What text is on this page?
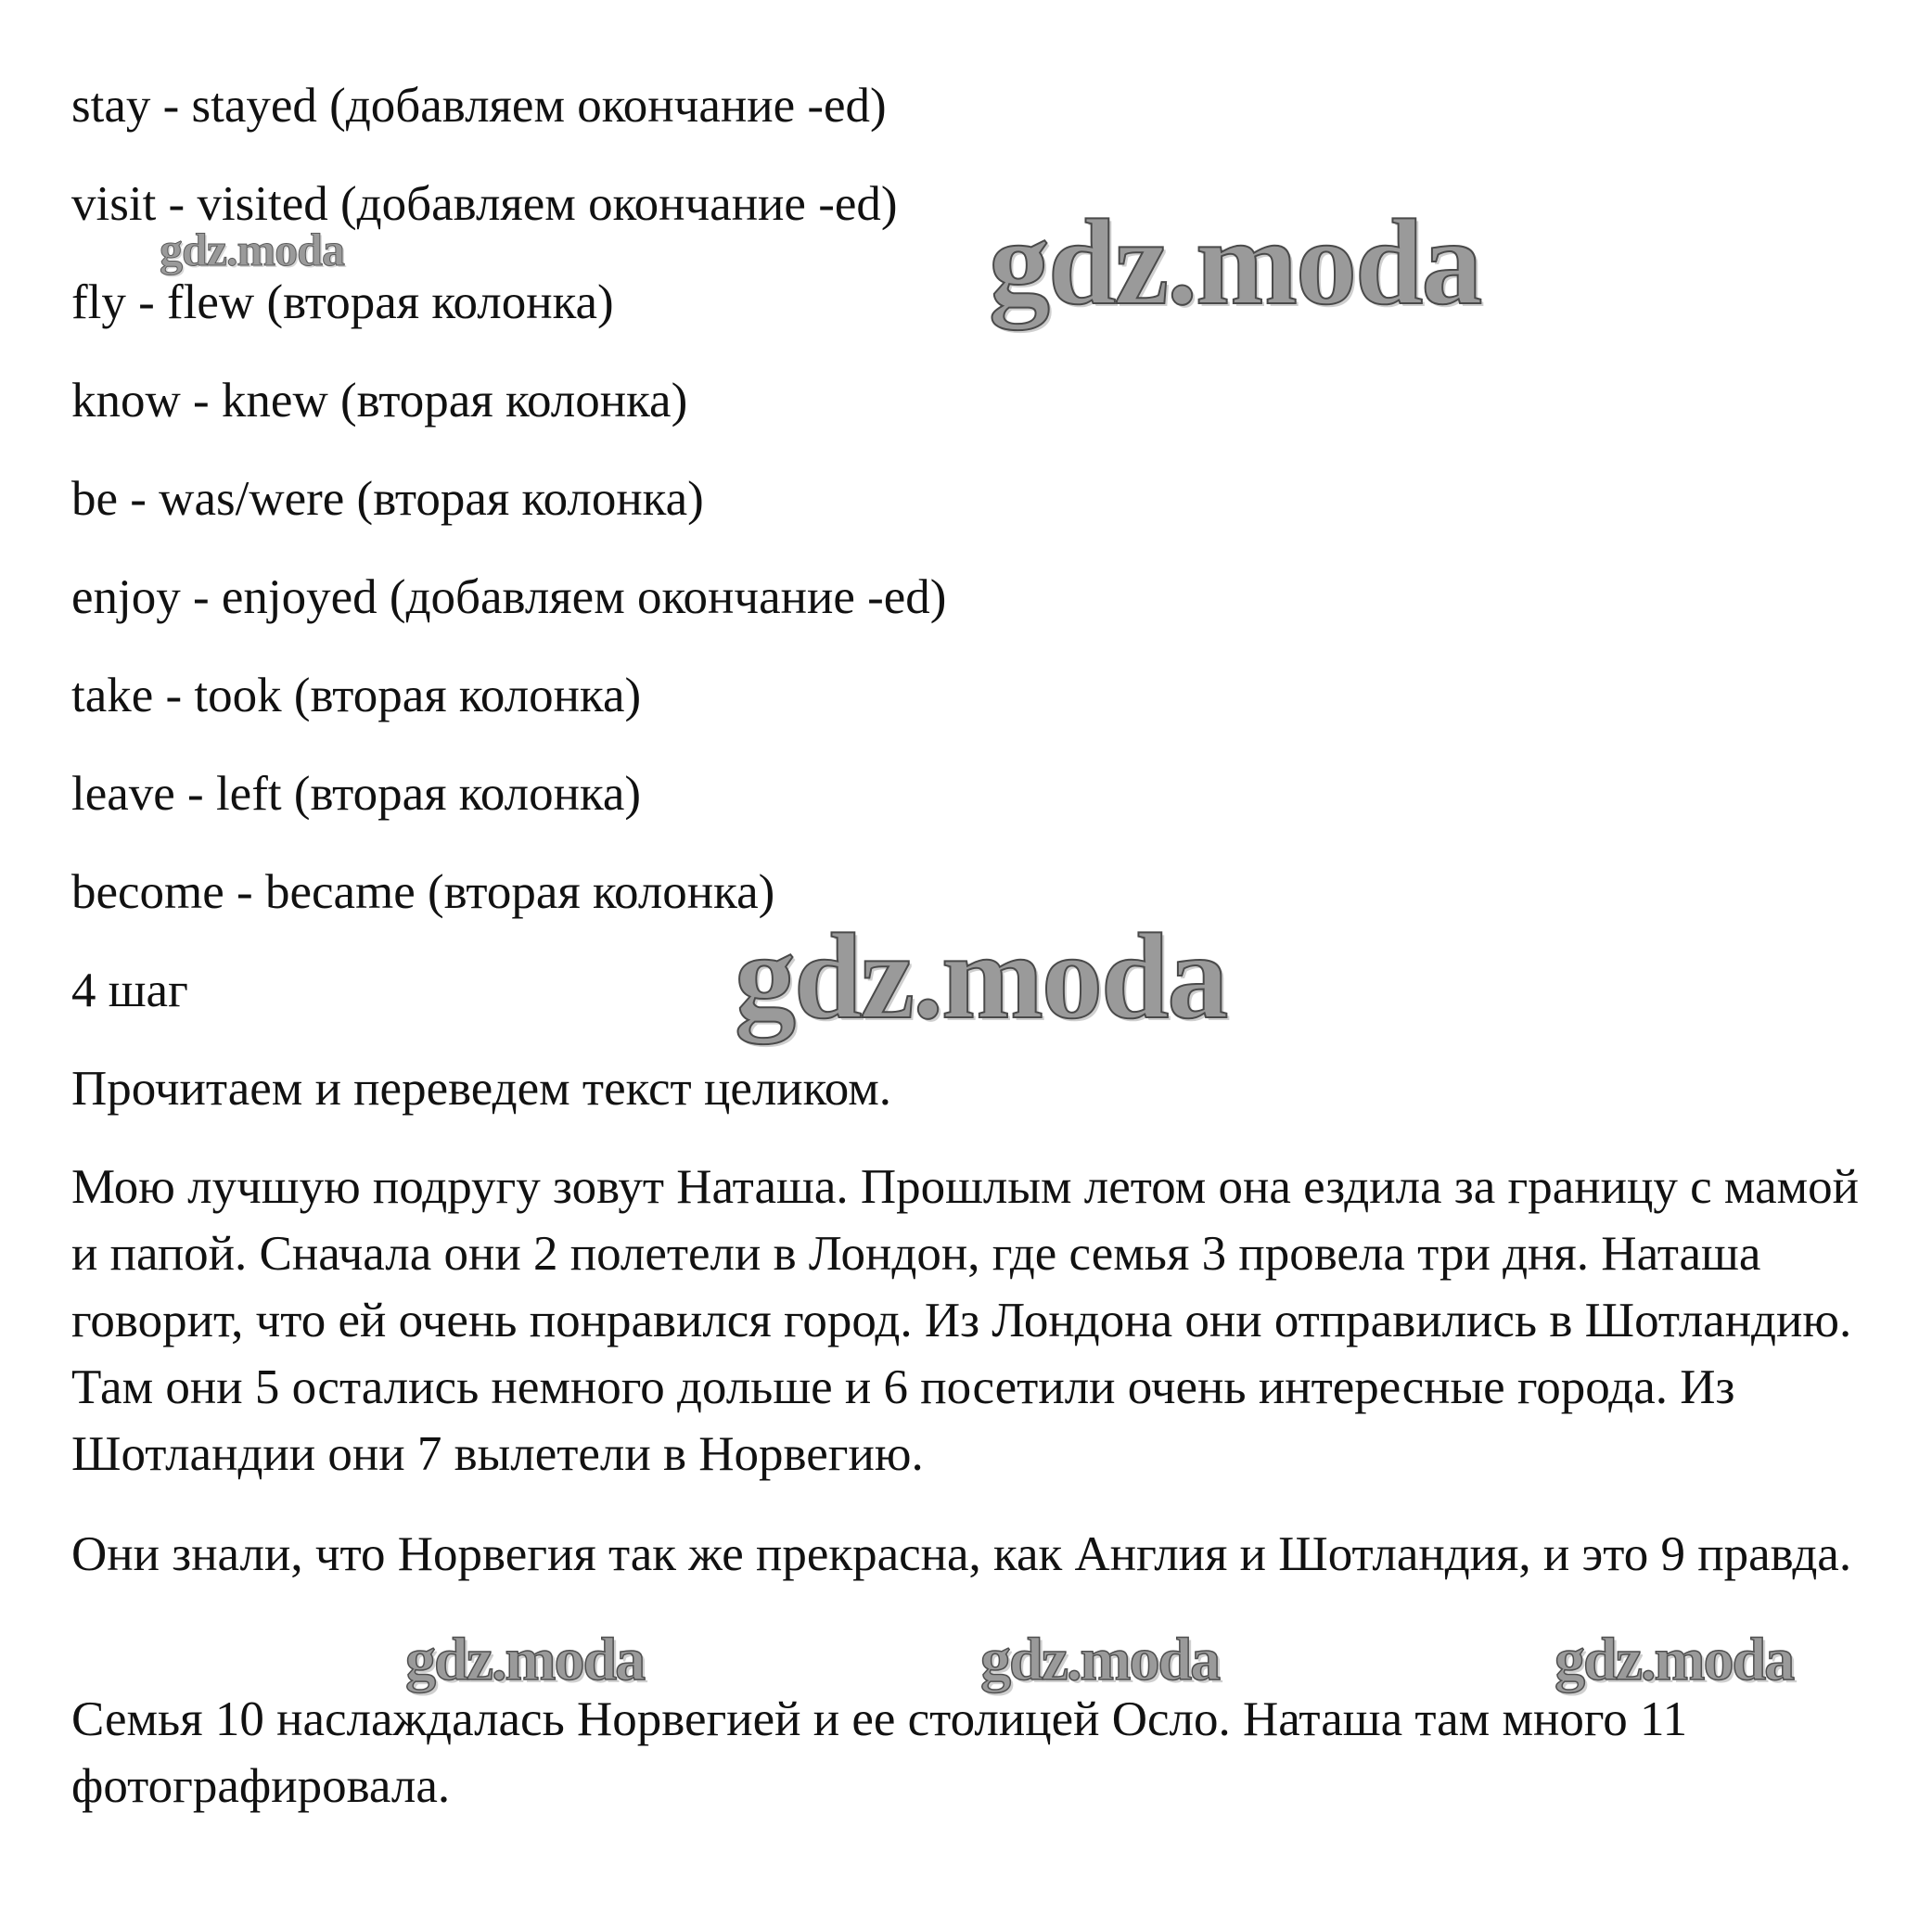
stay - stayed (добавляем окончание -ed)

visit - visited (добавляем окончание -ed)

fly - flew (вторая колонка)

know - knew (вторая колонка)

be - was/were (вторая колонка)

enjoy - enjoyed (добавляем окончание -ed)

take - took (вторая колонка)

leave - left (вторая колонка)

become - became (вторая колонка)

4 шаг

Прочитаем и переведем текст целиком.

Мою лучшую подругу зовут Наташа. Прошлым летом она ездила за границу с мамой и папой. Сначала они 2 полетели в Лондон, где семья 3 провела три дня. Наташа говорит, что ей очень понравился город. Из Лондона они отправились в Шотландию. Там они 5 остались немного дольше и 6 посетили очень интересные города. Из Шотландии они 7 вылетели в Норвегию.

Они знали, что Норвегия так же прекрасна, как Англия и Шотландия, и это 9 правда.

Семья 10 наслаждалась Норвегией и ее столицей Осло. Наташа там много 11 фотографировала.

gdz.moda	gdz.moda
gdz.moda
gdz.moda	gdz.moda	gdz.moda
